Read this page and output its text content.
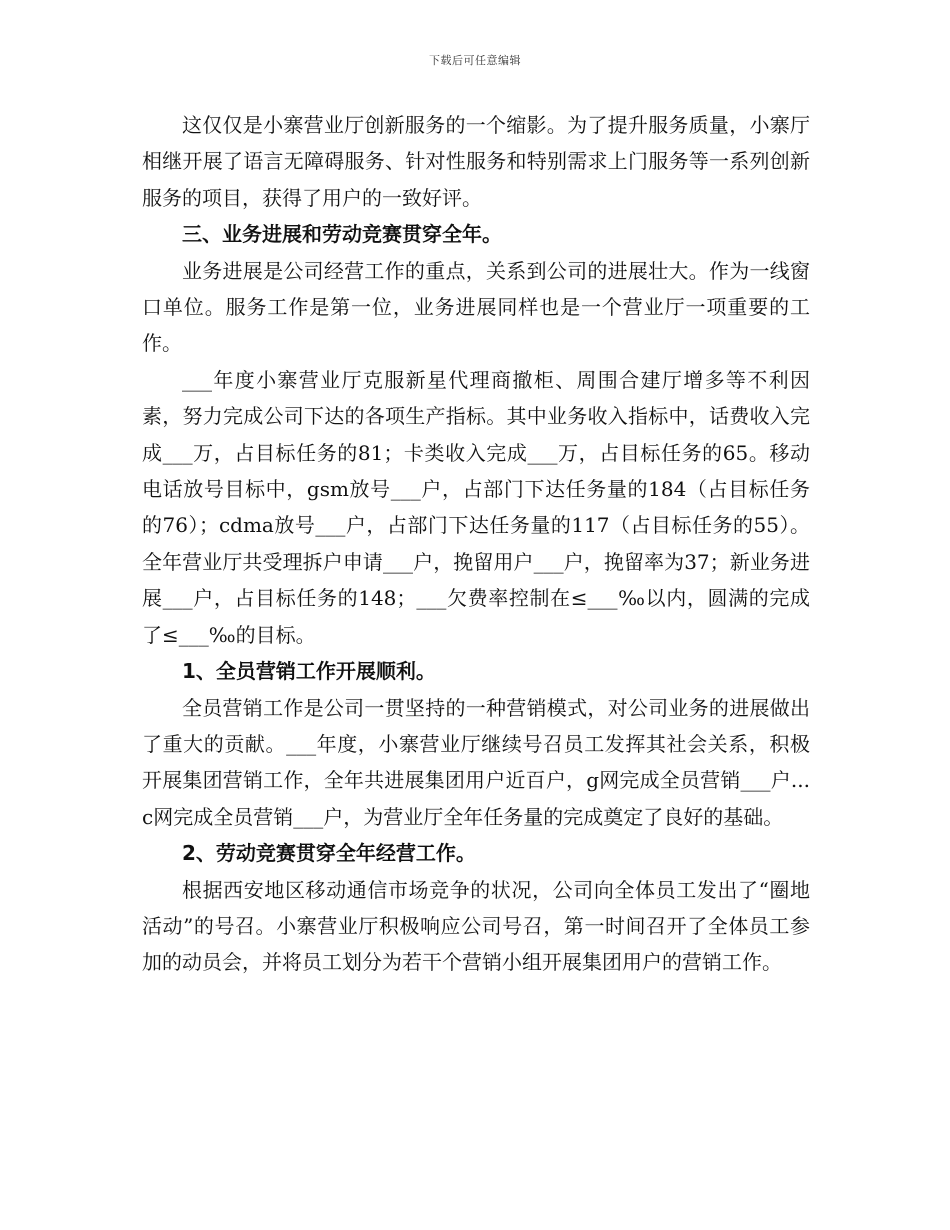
下载后可任意编辑

这仅仅是小寨营业厅创新服务的一个缩影。为了提升服务质量，小寨厅相继开展了语言无障碍服务、针对性服务和特别需求上门服务等一系列创新服务的项目，获得了用户的一致好评。

三、业务进展和劳动竞赛贯穿全年。

业务进展是公司经营工作的重点，关系到公司的进展壮大。作为一线窗口单位。服务工作是第一位，业务进展同样也是一个营业厅一项重要的工作。

___年度小寨营业厅克服新星代理商撤柜、周围合建厅增多等不利因素，努力完成公司下达的各项生产指标。其中业务收入指标中，话费收入完成___万，占目标任务的81；卡类收入完成___万，占目标任务的65。移动电话放号目标中，gsm放号___户，占部门下达任务量的184（占目标任务的76）；cdma放号___户，占部门下达任务量的117（占目标任务的55）。全年营业厅共受理拆户申请___户，挽留用户___户，挽留率为37；新业务进展___户，占目标任务的148；___欠费率控制在≤___‰以内，圆满的完成了≤___‰的目标。

1、全员营销工作开展顺利。

全员营销工作是公司一贯坚持的一种营销模式，对公司业务的进展做出了重大的贡献。___年度，小寨营业厅继续号召员工发挥其社会关系，积极开展集团营销工作，全年共进展集团用户近百户，g网完成全员营销___户...c网完成全员营销___户，为营业厅全年任务量的完成奠定了良好的基础。

2、劳动竞赛贯穿全年经营工作。

根据西安地区移动通信市场竞争的状况，公司向全体员工发出了“圈地活动”的号召。小寨营业厅积极响应公司号召，第一时间召开了全体员工参加的动员会，并将员工划分为若干个营销小组开展集团用户的营销工作。
